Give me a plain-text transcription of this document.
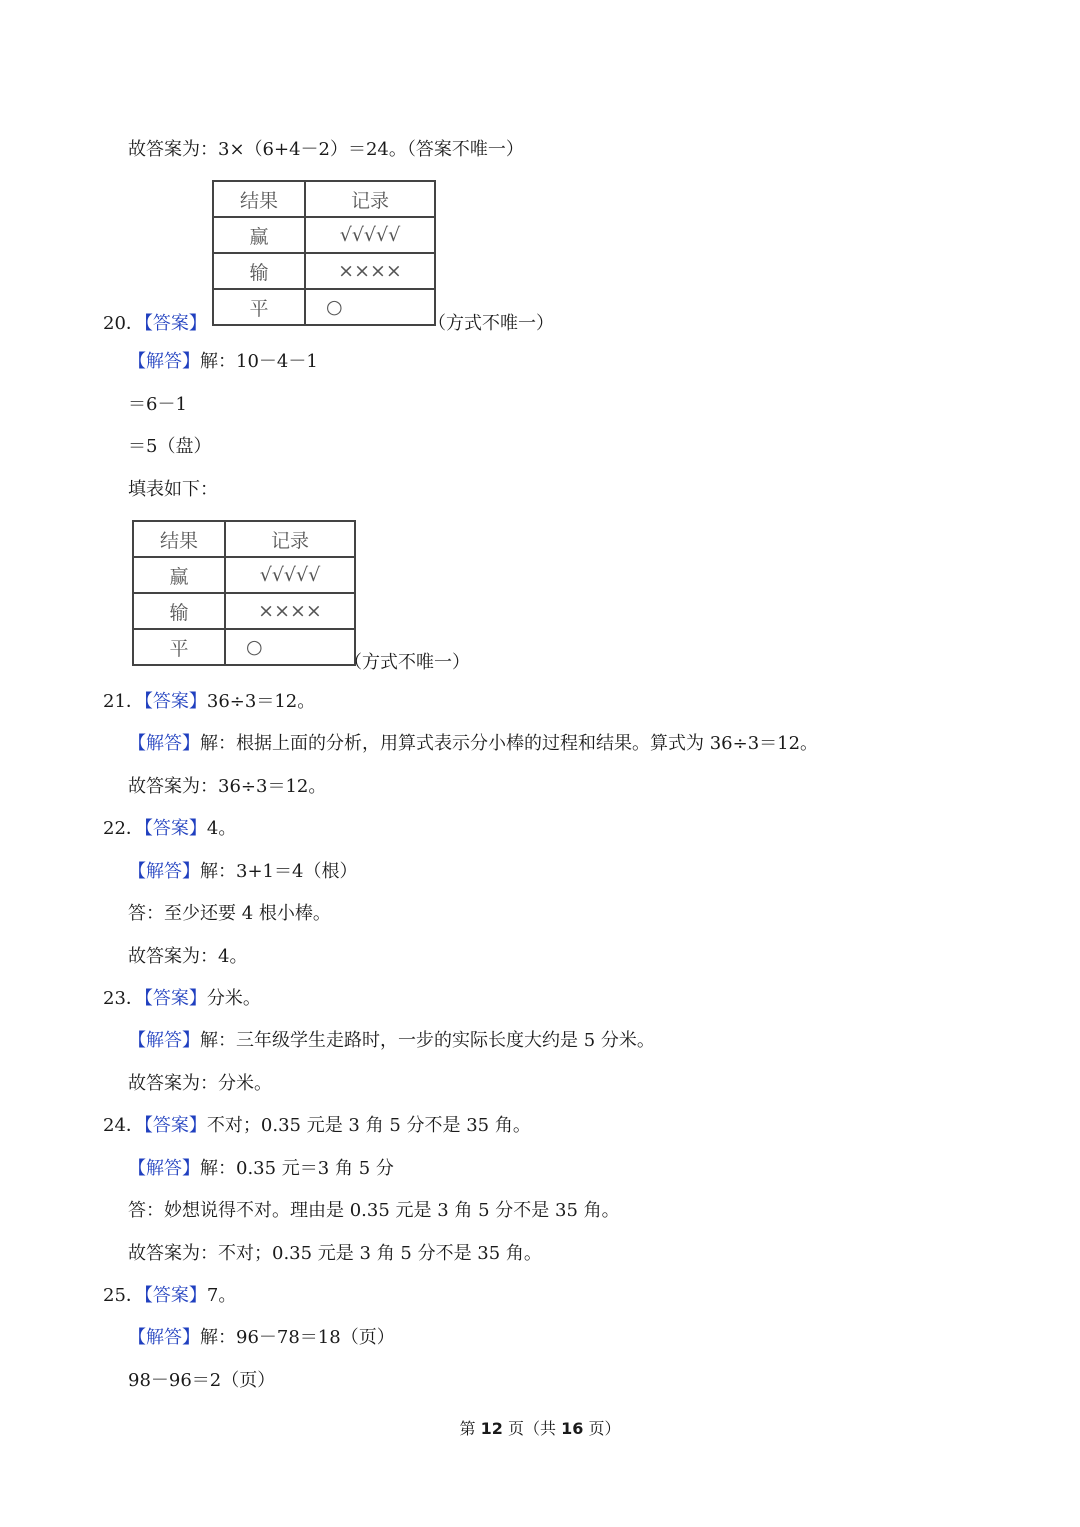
故答案为：3×（6+4－2）＝24。（答案不唯一）
结果	记录
赢	√√√√√
输	××××
平	○
20．【答案】	（方式不唯一）
【解答】解：10－4－1
＝6－1
＝5（盘）
填表如下：
结果	记录
赢	√√√√√
输	××××
平	○
（方式不唯一）
21．【答案】36÷3＝12。
【解答】解：根据上面的分析，用算式表示分小棒的过程和结果。算式为 36÷3＝12。
故答案为：36÷3＝12。
22．【答案】4。
【解答】解：3+1＝4（根）
答：至少还要 4 根小棒。
故答案为：4。
23．【答案】分米。
【解答】解：三年级学生走路时，一步的实际长度大约是 5 分米。
故答案为：分米。
24．【答案】不对；0.35 元是 3 角 5 分不是 35 角。
【解答】解：0.35 元＝3 角 5 分
答：妙想说得不对。理由是 0.35 元是 3 角 5 分不是 35 角。
故答案为：不对；0.35 元是 3 角 5 分不是 35 角。
25．【答案】7。
【解答】解：96－78＝18（页）
98－96＝2（页）
第 12 页（共 16 页）
